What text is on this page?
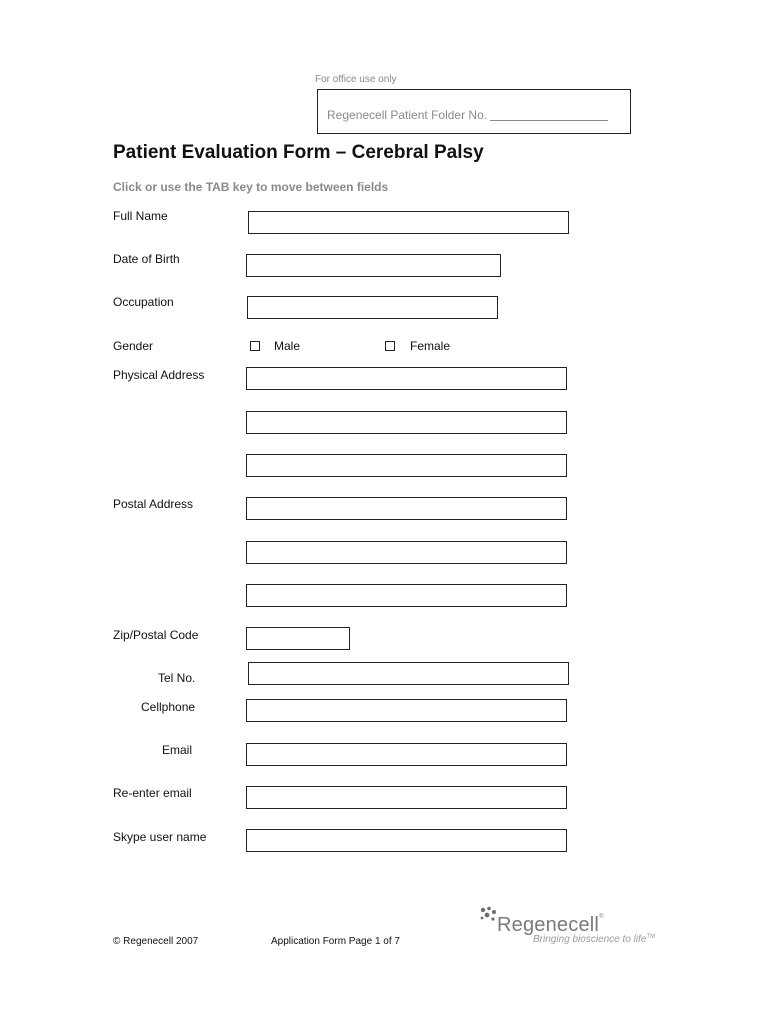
For office use only
Regenecell Patient Folder No.
Patient Evaluation Form – Cerebral Palsy
Click or use the TAB key to move between fields
Full Name
Date of Birth
Occupation
Gender	Male	Female
Physical Address
Postal Address
Zip/Postal Code
Tel No.
Cellphone
Email
Re-enter email
Skype user name
Regenecell®
Bringing bioscience to life™
© Regenecell 2007	Application Form Page 1 of 7
